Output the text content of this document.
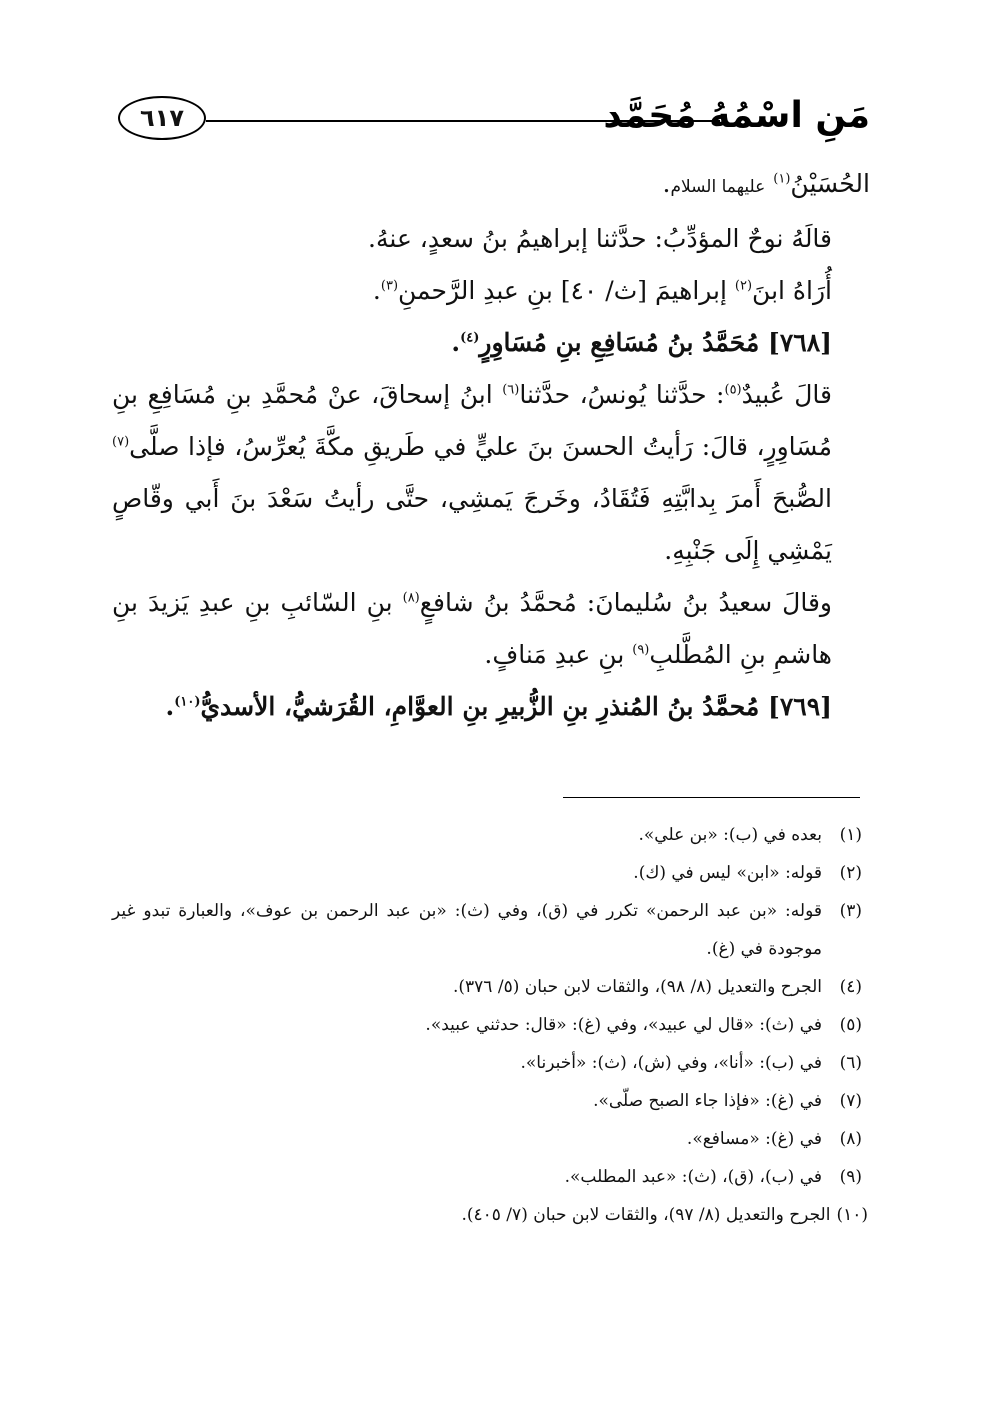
مَنِ اسْمُهُ مُحَمَّد
٦١٧

الحُسَيْنُ$^{(١)}$ عليهما السلام.

قالَهُ نوحٌ المؤدِّبُ: حدَّثنا إبراهيمُ بنُ سعدٍ، عنهُ.

أُرَاهُ ابنَ$^{(٢)}$ إبراهيمَ [ث/ ٤٠] بنِ عبدِ الرَّحمنِ$^{(٣)}$.

[٧٦٨] مُحَمَّدُ بنُ مُسَافِعِ بنِ مُسَاوِرٍ$^{(٤)}$.

قالَ عُبيدٌ$^{(٥)}$: حدَّثنا يُونسُ، حدَّثنا$^{(٦)}$ ابنُ إسحاقَ، عنْ مُحمَّدِ بنِ مُسَافِعِ بنِ مُسَاوِرٍ، قالَ: رَأيتُ الحسنَ بنَ عليٍّ في طَريقِ مكَّةَ يُعرِّسُ، فإذا صلَّى$^{(٧)}$ الصُّبحَ أَمرَ بِدابَّتِهِ فَتُقَادُ، وخَرجَ يَمشِي، حتَّى رأيتُ سَعْدَ بنَ أَبي وقّاصٍ يَمْشِي إِلَى جَنْبِهِ.

وقالَ سعيدُ بنُ سُليمانَ: مُحمَّدُ بنُ شافعٍ$^{(٨)}$ بنِ السّائبِ بنِ عبدِ يَزيدَ بنِ هاشمِ بنِ المُطَّلبِ$^{(٩)}$ بنِ عبدِ مَنافٍ.

[٧٦٩] مُحمَّدُ بنُ المُنذرِ بنِ الزُّبيرِ بنِ العوَّامِ، القُرَشيُّ، الأسديُّ$^{(١٠)}$.

(١)
بعده في (ب): «بن علي».
(٢)
قوله: «ابن» ليس في (ك).
(٣)
قوله: «بن عبد الرحمن» تكرر في (ق)، وفي (ث): «بن عبد الرحمن بن عوف»، والعبارة تبدو غير موجودة في (غ).
(٤)
الجرح والتعديل (٨/ ٩٨)، والثقات لابن حبان (٥/ ٣٧٦).
(٥)
في (ث): «قال لي عبيد»، وفي (غ): «قال: حدثني عبيد».
(٦)
في (ب): «أنا»، وفي (ش)، (ث): «أخبرنا».
(٧)
في (غ): «فإذا جاء الصبح صلّى».
(٨)
في (غ): «مسافع».
(٩)
في (ب)، (ق)، (ث): «عبد المطلب».
(١٠)
الجرح والتعديل (٨/ ٩٧)، والثقات لابن حبان (٧/ ٤٠٥).
